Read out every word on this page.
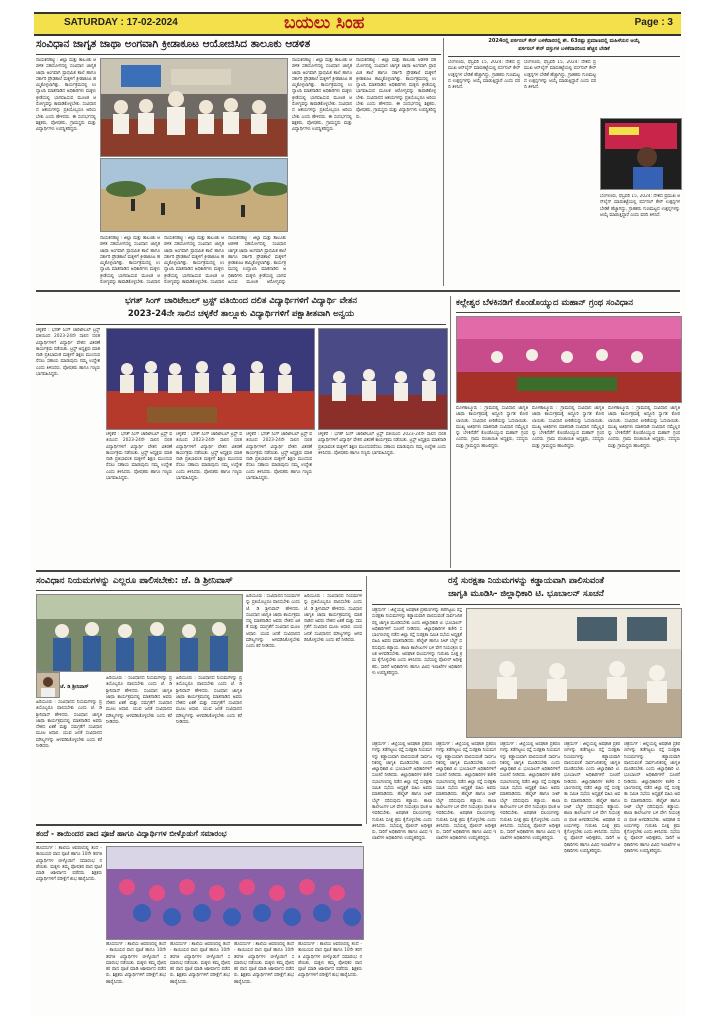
SATURDAY : 17-02-2024	ಬಯಲು ಸಿಂಹ	Page : 3
ಸಂವಿಧಾನ ಜಾಗೃತ ಜಾಥಾ ಅಂಗವಾಗಿ ಕ್ರೀಡಾಕೂಟ ಆಯೋಜಿಸಿದ ತಾಲೂಕು ಆಡಳಿತ
ನಾಯಕನಹಟ್ಟಿ : ಜಿಲ್ಲಾ ಮತ್ತು ತಾಲೂಕು ಆಡಳಿತ ಸಹಯೋಗದಲ್ಲಿ ಸಂವಿಧಾನ ಜಾಗೃತ ಜಾಥಾ ಅಂಗವಾಗಿ ಪ್ರಾಥಮಿಕ ಶಾಲೆ ಹಾಗೂ ಸರ್ಕಾರಿ ಪ್ರೌಢಶಾಲೆ ಮಕ್ಕಳಿಗೆ ಕ್ರೀಡಾಕೂಟ ಹಮ್ಮಿಕೊಳ್ಳಲಾಗಿತ್ತು. ಕಾರ್ಯಕ್ರಮದಲ್ಲಿ ಉದ್ಘಾಟಿಸಿ ಮಾತನಾಡಿದ ಅಧಿಕಾರಿಗಳು ಮಕ್ಕಳು ಕ್ರೀಡೆಯಲ್ಲಿ ಭಾಗವಹಿಸುವ ಮೂಲಕ ಆರೋಗ್ಯವನ್ನು ಕಾಪಾಡಿಕೊಳ್ಳಬೇಕು. ಸಂವಿಧಾನದ ಆಶಯಗಳನ್ನು ಪ್ರತಿಯೊಬ್ಬರೂ ಅರಿಯಬೇಕು ಎಂದು ಹೇಳಿದರು. ಈ ಸಂದರ್ಭದಲ್ಲಿ ಶಿಕ್ಷಕರು, ಪೋಷಕರು, ಗ್ರಾಮಸ್ಥರು ಮತ್ತು ವಿದ್ಯಾರ್ಥಿಗಳು ಉಪಸ್ಥಿತರಿದ್ದರು.
ನಾಯಕನಹಟ್ಟಿ : ಜಿಲ್ಲಾ ಮತ್ತು ತಾಲೂಕು ಆಡಳಿತ ಸಹಯೋಗದಲ್ಲಿ ಸಂವಿಧಾನ ಜಾಗೃತ ಜಾಥಾ ಅಂಗವಾಗಿ ಪ್ರಾಥಮಿಕ ಶಾಲೆ ಹಾಗೂ ಸರ್ಕಾರಿ ಪ್ರೌಢಶಾಲೆ ಮಕ್ಕಳಿಗೆ ಕ್ರೀಡಾಕೂಟ ಹಮ್ಮಿಕೊಳ್ಳಲಾಗಿತ್ತು. ಕಾರ್ಯಕ್ರಮದಲ್ಲಿ ಉದ್ಘಾಟಿಸಿ ಮಾತನಾಡಿದ ಅಧಿಕಾರಿಗಳು ಮಕ್ಕಳು ಕ್ರೀಡೆಯಲ್ಲಿ ಭಾಗವಹಿಸುವ ಮೂಲಕ ಆರೋಗ್ಯವನ್ನು ಕಾಪಾಡಿಕೊಳ್ಳಬೇಕು. ಸಂವಿಧಾನ
ನಾಯಕನಹಟ್ಟಿ : ಜಿಲ್ಲಾ ಮತ್ತು ತಾಲೂಕು ಆಡಳಿತ ಸಹಯೋಗದಲ್ಲಿ ಸಂವಿಧಾನ ಜಾಗೃತ ಜಾಥಾ ಅಂಗವಾಗಿ ಪ್ರಾಥಮಿಕ ಶಾಲೆ ಹಾಗೂ ಸರ್ಕಾರಿ ಪ್ರೌಢಶಾಲೆ ಮಕ್ಕಳಿಗೆ ಕ್ರೀಡಾಕೂಟ ಹಮ್ಮಿಕೊಳ್ಳಲಾಗಿತ್ತು. ಕಾರ್ಯಕ್ರಮದಲ್ಲಿ ಉದ್ಘಾಟಿಸಿ ಮಾತನಾಡಿದ ಅಧಿಕಾರಿಗಳು ಮಕ್ಕಳು ಕ್ರೀಡೆಯಲ್ಲಿ ಭಾಗವಹಿಸುವ ಮೂಲಕ ಆರೋಗ್ಯವನ್ನು ಕಾಪಾಡಿಕೊಳ್ಳಬೇಕು. ಸಂವಿಧಾನ
ನಾಯಕನಹಟ್ಟಿ : ಜಿಲ್ಲಾ ಮತ್ತು ತಾಲೂಕು ಆಡಳಿತ ಸಹಯೋಗದಲ್ಲಿ ಸಂವಿಧಾನ ಜಾಗೃತ ಜಾಥಾ ಅಂಗವಾಗಿ ಪ್ರಾಥಮಿಕ ಶಾಲೆ ಹಾಗೂ ಸರ್ಕಾರಿ ಪ್ರೌಢಶಾಲೆ ಮಕ್ಕಳಿಗೆ ಕ್ರೀಡಾಕೂಟ ಹಮ್ಮಿಕೊಳ್ಳಲಾಗಿತ್ತು. ಕಾರ್ಯಕ್ರಮದಲ್ಲಿ ಉದ್ಘಾಟಿಸಿ ಮಾತನಾಡಿದ ಅಧಿಕಾರಿಗಳು ಮಕ್ಕಳು ಕ್ರೀಡೆಯಲ್ಲಿ ಭಾಗವಹಿಸುವ ಮೂಲಕ ಆರೋಗ್ಯವನ್ನು
ನಾಯಕನಹಟ್ಟಿ : ಜಿಲ್ಲಾ ಮತ್ತು ತಾಲೂಕು ಆಡಳಿತ ಸಹಯೋಗದಲ್ಲಿ ಸಂವಿಧಾನ ಜಾಗೃತ ಜಾಥಾ ಅಂಗವಾಗಿ ಪ್ರಾಥಮಿಕ ಶಾಲೆ ಹಾಗೂ ಸರ್ಕಾರಿ ಪ್ರೌಢಶಾಲೆ ಮಕ್ಕಳಿಗೆ ಕ್ರೀಡಾಕೂಟ ಹಮ್ಮಿಕೊಳ್ಳಲಾಗಿತ್ತು. ಕಾರ್ಯಕ್ರಮದಲ್ಲಿ ಉದ್ಘಾಟಿಸಿ ಮಾತನಾಡಿದ ಅಧಿಕಾರಿಗಳು ಮಕ್ಕಳು ಕ್ರೀಡೆಯಲ್ಲಿ ಭಾಗವಹಿಸುವ ಮೂಲಕ ಆರೋಗ್ಯವನ್ನು ಕಾಪಾಡಿಕೊಳ್ಳಬೇಕು. ಸಂವಿಧಾನದ ಆಶಯಗಳನ್ನು ಪ್ರತಿಯೊಬ್ಬರೂ ಅರಿಯಬೇಕು ಎಂದು ಹೇಳಿದರು. ಈ ಸಂದರ್ಭದಲ್ಲಿ ಶಿಕ್ಷಕರು, ಪೋಷಕರು, ಗ್ರಾಮಸ್ಥರು ಮತ್ತು ವಿದ್ಯಾರ್ಥಿಗಳು ಉಪಸ್ಥಿತರಿದ್ದರು.
ನಾಯಕನಹಟ್ಟಿ : ಜಿಲ್ಲಾ ಮತ್ತು ತಾಲೂಕು ಆಡಳಿತ ಸಹಯೋಗದಲ್ಲಿ ಸಂವಿಧಾನ ಜಾಗೃತ ಜಾಥಾ ಅಂಗವಾಗಿ ಪ್ರಾಥಮಿಕ ಶಾಲೆ ಹಾಗೂ ಸರ್ಕಾರಿ ಪ್ರೌಢಶಾಲೆ ಮಕ್ಕಳಿಗೆ ಕ್ರೀಡಾಕೂಟ ಹಮ್ಮಿಕೊಳ್ಳಲಾಗಿತ್ತು. ಕಾರ್ಯಕ್ರಮದಲ್ಲಿ ಉದ್ಘಾಟಿಸಿ ಮಾತನಾಡಿದ ಅಧಿಕಾರಿಗಳು ಮಕ್ಕಳು ಕ್ರೀಡೆಯಲ್ಲಿ ಭಾಗವಹಿಸುವ ಮೂಲಕ ಆರೋಗ್ಯವನ್ನು ಕಾಪಾಡಿಕೊಳ್ಳಬೇಕು. ಸಂವಿಧಾನದ ಆಶಯಗಳನ್ನು ಪ್ರತಿಯೊಬ್ಬರೂ ಅರಿಯಬೇಕು ಎಂದು ಹೇಳಿದರು. ಈ ಸಂದರ್ಭದಲ್ಲಿ ಶಿಕ್ಷಕರು, ಪೋಷಕರು, ಗ್ರಾಮಸ್ಥರು ಮತ್ತು ವಿದ್ಯಾರ್ಥಿಗಳು ಉಪಸ್ಥಿತರಿದ್ದರು.
2024ರಲ್ಲಿ ಪರ್ಸನಲ್ ಕೇರ್ ಬಳಕೆದಾರರಲ್ಲಿ ಶೇ. 63ರಷ್ಟು ಪ್ರಮಾಣದಲ್ಲಿ ಮಹಿಳೆಯರ ಆಯ್ಕೆ
ಪರ್ಸನಲ್ ಕೇರ್ ವಸ್ತುಗಳ ಬಳಕೆದಾರರಿಂದ ಹೆಚ್ಚಿನ ಬೇಡಿಕೆ
ಬೆಂಗಳೂರು, ಫೆಬ್ರವರಿ 15, 2024: ದೇಶದ ಪ್ರಮುಖ ಆನ್‌ಲೈನ್ ಮಾರುಕಟ್ಟೆಯಲ್ಲಿ ಪರ್ಸನಲ್ ಕೇರ್ ಉತ್ಪನ್ನಗಳ ಬೇಡಿಕೆ ಹೆಚ್ಚಾಗಿದ್ದು, ಗ್ರಾಹಕರು ಗುಣಮಟ್ಟದ ಉತ್ಪನ್ನಗಳನ್ನು ಆಯ್ಕೆ ಮಾಡುತ್ತಿದ್ದಾರೆ ಎಂದು ವರದಿ ತಿಳಿಸಿದೆ.
ಬೆಂಗಳೂರು, ಫೆಬ್ರವರಿ 15, 2024: ದೇಶದ ಪ್ರಮುಖ ಆನ್‌ಲೈನ್ ಮಾರುಕಟ್ಟೆಯಲ್ಲಿ ಪರ್ಸನಲ್ ಕೇರ್ ಉತ್ಪನ್ನಗಳ ಬೇಡಿಕೆ ಹೆಚ್ಚಾಗಿದ್ದು, ಗ್ರಾಹಕರು ಗುಣಮಟ್ಟದ ಉತ್ಪನ್ನಗಳನ್ನು ಆಯ್ಕೆ ಮಾಡುತ್ತಿದ್ದಾರೆ ಎಂದು ವರದಿ ತಿಳಿಸಿದೆ.
ಬೆಂಗಳೂರು, ಫೆಬ್ರವರಿ 15, 2024: ದೇಶದ ಪ್ರಮುಖ ಆನ್‌ಲೈನ್ ಮಾರುಕಟ್ಟೆಯಲ್ಲಿ ಪರ್ಸನಲ್ ಕೇರ್ ಉತ್ಪನ್ನಗಳ ಬೇಡಿಕೆ ಹೆಚ್ಚಾಗಿದ್ದು, ಗ್ರಾಹಕರು ಗುಣಮಟ್ಟದ ಉತ್ಪನ್ನಗಳನ್ನು ಆಯ್ಕೆ ಮಾಡುತ್ತಿದ್ದಾರೆ ಎಂದು ವರದಿ ತಿಳಿಸಿದೆ.
ಭಗತ್ ಸಿಂಗ್ ಚಾರಿಟೇಬಲ್ ಟ್ರಸ್ಟ್ ವತಿಯಿಂದ ದಲಿತ ವಿದ್ಯಾರ್ಥಿಗಳಿಗೆ ವಿದ್ಯಾರ್ಥಿ ವೇತನ
2023-24ನೇ ಸಾಲಿನ ಚಳ್ಳಕೆರೆ ತಾಲ್ಲೂಕು ವಿದ್ಯಾರ್ಥಿಗಳಿಗೆ ಪಕ್ಷಾತೀತವಾಗಿ ಅನ್ವಯ
ಚಳ್ಳಕೆರೆ : ಭಗತ್ ಸಿಂಗ್ ಚಾರಿಟೇಬಲ್ ಟ್ರಸ್ಟ್ ವತಿಯಿಂದ 2023-24ನೇ ಸಾಲಿನ ದಲಿತ ವಿದ್ಯಾರ್ಥಿಗಳಿಗೆ ವಿದ್ಯಾರ್ಥಿ ವೇತನ ವಿತರಣೆ ಕಾರ್ಯಕ್ರಮ ನಡೆಯಿತು. ಟ್ರಸ್ಟ್ ಅಧ್ಯಕ್ಷರು ಮಾತನಾಡಿ ಪ್ರತಿಭಾವಂತ ಮಕ್ಕಳಿಗೆ ಶಿಕ್ಷಣ ಮುಂದುವರೆಸಲು ಸಹಾಯ ಮಾಡುವುದು ನಮ್ಮ ಉದ್ದೇಶ ಎಂದು ತಿಳಿಸಿದರು. ಪೋಷಕರು ಹಾಗೂ ಗಣ್ಯರು ಭಾಗವಹಿಸಿದ್ದರು.
ಚಳ್ಳಕೆರೆ : ಭಗತ್ ಸಿಂಗ್ ಚಾರಿಟೇಬಲ್ ಟ್ರಸ್ಟ್ ವತಿಯಿಂದ 2023-24ನೇ ಸಾಲಿನ ದಲಿತ ವಿದ್ಯಾರ್ಥಿಗಳಿಗೆ ವಿದ್ಯಾರ್ಥಿ ವೇತನ ವಿತರಣೆ ಕಾರ್ಯಕ್ರಮ ನಡೆಯಿತು. ಟ್ರಸ್ಟ್ ಅಧ್ಯಕ್ಷರು ಮಾತನಾಡಿ ಪ್ರತಿಭಾವಂತ ಮಕ್ಕಳಿಗೆ ಶಿಕ್ಷಣ ಮುಂದುವರೆಸಲು ಸಹಾಯ ಮಾಡುವುದು ನಮ್ಮ ಉದ್ದೇಶ ಎಂದು ತಿಳಿಸಿದರು. ಪೋಷಕರು ಹಾಗೂ ಗಣ್ಯರು ಭಾಗವಹಿಸಿದ್ದರು.
ಚಳ್ಳಕೆರೆ : ಭಗತ್ ಸಿಂಗ್ ಚಾರಿಟೇಬಲ್ ಟ್ರಸ್ಟ್ ವತಿಯಿಂದ 2023-24ನೇ ಸಾಲಿನ ದಲಿತ ವಿದ್ಯಾರ್ಥಿಗಳಿಗೆ ವಿದ್ಯಾರ್ಥಿ ವೇತನ ವಿತರಣೆ ಕಾರ್ಯಕ್ರಮ ನಡೆಯಿತು. ಟ್ರಸ್ಟ್ ಅಧ್ಯಕ್ಷರು ಮಾತನಾಡಿ ಪ್ರತಿಭಾವಂತ ಮಕ್ಕಳಿಗೆ ಶಿಕ್ಷಣ ಮುಂದುವರೆಸಲು ಸಹಾಯ ಮಾಡುವುದು ನಮ್ಮ ಉದ್ದೇಶ ಎಂದು ತಿಳಿಸಿದರು. ಪೋಷಕರು ಹಾಗೂ ಗಣ್ಯರು ಭಾಗವಹಿಸಿದ್ದರು.
ಚಳ್ಳಕೆರೆ : ಭಗತ್ ಸಿಂಗ್ ಚಾರಿಟೇಬಲ್ ಟ್ರಸ್ಟ್ ವತಿಯಿಂದ 2023-24ನೇ ಸಾಲಿನ ದಲಿತ ವಿದ್ಯಾರ್ಥಿಗಳಿಗೆ ವಿದ್ಯಾರ್ಥಿ ವೇತನ ವಿತರಣೆ ಕಾರ್ಯಕ್ರಮ ನಡೆಯಿತು. ಟ್ರಸ್ಟ್ ಅಧ್ಯಕ್ಷರು ಮಾತನಾಡಿ ಪ್ರತಿಭಾವಂತ ಮಕ್ಕಳಿಗೆ ಶಿಕ್ಷಣ ಮುಂದುವರೆಸಲು ಸಹಾಯ ಮಾಡುವುದು ನಮ್ಮ ಉದ್ದೇಶ ಎಂದು ತಿಳಿಸಿದರು. ಪೋಷಕರು ಹಾಗೂ ಗಣ್ಯರು ಭಾಗವಹಿಸಿದ್ದರು.
ಚಳ್ಳಕೆರೆ : ಭಗತ್ ಸಿಂಗ್ ಚಾರಿಟೇಬಲ್ ಟ್ರಸ್ಟ್ ವತಿಯಿಂದ 2023-24ನೇ ಸಾಲಿನ ದಲಿತ ವಿದ್ಯಾರ್ಥಿಗಳಿಗೆ ವಿದ್ಯಾರ್ಥಿ ವೇತನ ವಿತರಣೆ ಕಾರ್ಯಕ್ರಮ ನಡೆಯಿತು. ಟ್ರಸ್ಟ್ ಅಧ್ಯಕ್ಷರು ಮಾತನಾಡಿ ಪ್ರತಿಭಾವಂತ ಮಕ್ಕಳಿಗೆ ಶಿಕ್ಷಣ ಮುಂದುವರೆಸಲು ಸಹಾಯ ಮಾಡುವುದು ನಮ್ಮ ಉದ್ದೇಶ ಎಂದು ತಿಳಿಸಿದರು. ಪೋಷಕರು ಹಾಗೂ ಗಣ್ಯರು ಭಾಗವಹಿಸಿದ್ದರು.
ಕಲ್ಲೇಶ್ವರ ಬೆಳಕಿನಡಿಗೆ ಕೊಂಡೊಯ್ಯುದ ಮಹಾನ್ ಗ್ರಂಥ ಸಂವಿಧಾನ
ಮೊಳಕಾಲ್ಮೂರು : ಗ್ರಾಮದಲ್ಲಿ ಸಂವಿಧಾನ ಜಾಗೃತಿ ಜಾಥಾ ಕಾರ್ಯಕ್ರಮಕ್ಕೆ ಅದ್ದೂರಿ ಸ್ವಾಗತ ಕೋರಲಾಯಿತು. ಸಂವಿಧಾನ ಪೀಠಿಕೆಯನ್ನು ಓದಲಾಯಿತು. ಮುಖ್ಯ ಅತಿಥಿಗಳು ಮಾತನಾಡಿ ಸಂವಿಧಾನ ನಮ್ಮೆಲ್ಲರನ್ನು ಬೆಳಕಿನೆಡೆಗೆ ಕೊಂಡೊಯ್ಯುವ ಮಹಾನ್ ಗ್ರಂಥ ಎಂದರು. ಗ್ರಾಮ ಪಂಚಾಯಿತಿ ಅಧ್ಯಕ್ಷರು, ಸದಸ್ಯರು ಮತ್ತು ಗ್ರಾಮಸ್ಥರು ಹಾಜರಿದ್ದರು.
ಮೊಳಕಾಲ್ಮೂರು : ಗ್ರಾಮದಲ್ಲಿ ಸಂವಿಧಾನ ಜಾಗೃತಿ ಜಾಥಾ ಕಾರ್ಯಕ್ರಮಕ್ಕೆ ಅದ್ದೂರಿ ಸ್ವಾಗತ ಕೋರಲಾಯಿತು. ಸಂವಿಧಾನ ಪೀಠಿಕೆಯನ್ನು ಓದಲಾಯಿತು. ಮುಖ್ಯ ಅತಿಥಿಗಳು ಮಾತನಾಡಿ ಸಂವಿಧಾನ ನಮ್ಮೆಲ್ಲರನ್ನು ಬೆಳಕಿನೆಡೆಗೆ ಕೊಂಡೊಯ್ಯುವ ಮಹಾನ್ ಗ್ರಂಥ ಎಂದರು. ಗ್ರಾಮ ಪಂಚಾಯಿತಿ ಅಧ್ಯಕ್ಷರು, ಸದಸ್ಯರು ಮತ್ತು ಗ್ರಾಮಸ್ಥರು ಹಾಜರಿದ್ದರು.
ಮೊಳಕಾಲ್ಮೂರು : ಗ್ರಾಮದಲ್ಲಿ ಸಂವಿಧಾನ ಜಾಗೃತಿ ಜಾಥಾ ಕಾರ್ಯಕ್ರಮಕ್ಕೆ ಅದ್ದೂರಿ ಸ್ವಾಗತ ಕೋರಲಾಯಿತು. ಸಂವಿಧಾನ ಪೀಠಿಕೆಯನ್ನು ಓದಲಾಯಿತು. ಮುಖ್ಯ ಅತಿಥಿಗಳು ಮಾತನಾಡಿ ಸಂವಿಧಾನ ನಮ್ಮೆಲ್ಲರನ್ನು ಬೆಳಕಿನೆಡೆಗೆ ಕೊಂಡೊಯ್ಯುವ ಮಹಾನ್ ಗ್ರಂಥ ಎಂದರು. ಗ್ರಾಮ ಪಂಚಾಯಿತಿ ಅಧ್ಯಕ್ಷರು, ಸದಸ್ಯರು ಮತ್ತು ಗ್ರಾಮಸ್ಥರು ಹಾಜರಿದ್ದರು.
ಸಂವಿಧಾನ ನಿಯಮಗಳನ್ನು ಎಲ್ಲರೂ ಪಾಲಿಸಬೇಕು: ಜೆ. ಡಿ ಶ್ರೀನಿವಾಸ್
ಜೆ. ಡಿ ಶ್ರೀನಿವಾಸ್
ಹಿರಿಯೂರು : ಸಂವಿಧಾನದ ನಿಯಮಗಳನ್ನು ಪ್ರತಿಯೊಬ್ಬರೂ ಪಾಲಿಸಬೇಕು ಎಂದು ಜೆ. ಡಿ ಶ್ರೀನಿವಾಸ್ ಹೇಳಿದರು. ಸಂವಿಧಾನ ಜಾಗೃತಿ ಜಾಥಾ ಕಾರ್ಯಕ್ರಮದಲ್ಲಿ ಮಾತನಾಡಿದ ಅವರು ದೇಶದ ಏಕತೆ ಮತ್ತು ಸಮಗ್ರತೆಗೆ ಸಂವಿಧಾನ ಮೂಲ ಆಧಾರ. ಯುವ ಜನತೆ ಸಂವಿಧಾನದ ಮೌಲ್ಯಗಳನ್ನು ಅಳವಡಿಸಿಕೊಳ್ಳಬೇಕು ಎಂದು ಕರೆ ನೀಡಿದರು.
ಹಿರಿಯೂರು : ಸಂವಿಧಾನದ ನಿಯಮಗಳನ್ನು ಪ್ರತಿಯೊಬ್ಬರೂ ಪಾಲಿಸಬೇಕು ಎಂದು ಜೆ. ಡಿ ಶ್ರೀನಿವಾಸ್ ಹೇಳಿದರು. ಸಂವಿಧಾನ ಜಾಗೃತಿ ಜಾಥಾ ಕಾರ್ಯಕ್ರಮದಲ್ಲಿ ಮಾತನಾಡಿದ ಅವರು ದೇಶದ ಏಕತೆ ಮತ್ತು ಸಮಗ್ರತೆಗೆ ಸಂವಿಧಾನ ಮೂಲ ಆಧಾರ. ಯುವ ಜನತೆ ಸಂವಿಧಾನದ ಮೌಲ್ಯಗಳನ್ನು ಅಳವಡಿಸಿಕೊಳ್ಳಬೇಕು ಎಂದು ಕರೆ ನೀಡಿದರು.
ಹಿರಿಯೂರು : ಸಂವಿಧಾನದ ನಿಯಮಗಳನ್ನು ಪ್ರತಿಯೊಬ್ಬರೂ ಪಾಲಿಸಬೇಕು ಎಂದು ಜೆ. ಡಿ ಶ್ರೀನಿವಾಸ್ ಹೇಳಿದರು. ಸಂವಿಧಾನ ಜಾಗೃತಿ ಜಾಥಾ ಕಾರ್ಯಕ್ರಮದಲ್ಲಿ ಮಾತನಾಡಿದ ಅವರು ದೇಶದ ಏಕತೆ ಮತ್ತು ಸಮಗ್ರತೆಗೆ ಸಂವಿಧಾನ ಮೂಲ ಆಧಾರ. ಯುವ ಜನತೆ ಸಂವಿಧಾನದ ಮೌಲ್ಯಗಳನ್ನು ಅಳವಡಿಸಿಕೊಳ್ಳಬೇಕು ಎಂದು ಕರೆ ನೀಡಿದರು.
ಹಿರಿಯೂರು : ಸಂವಿಧಾನದ ನಿಯಮಗಳನ್ನು ಪ್ರತಿಯೊಬ್ಬರೂ ಪಾಲಿಸಬೇಕು ಎಂದು ಜೆ. ಡಿ ಶ್ರೀನಿವಾಸ್ ಹೇಳಿದರು. ಸಂವಿಧಾನ ಜಾಗೃತಿ ಜಾಥಾ ಕಾರ್ಯಕ್ರಮದಲ್ಲಿ ಮಾತನಾಡಿದ ಅವರು ದೇಶದ ಏಕತೆ ಮತ್ತು ಸಮಗ್ರತೆಗೆ ಸಂವಿಧಾನ ಮೂಲ ಆಧಾರ. ಯುವ ಜನತೆ ಸಂವಿಧಾನದ ಮೌಲ್ಯಗಳನ್ನು ಅಳವಡಿಸಿಕೊಳ್ಳಬೇಕು ಎಂದು ಕರೆ ನೀಡಿದರು.
ಹಿರಿಯೂರು : ಸಂವಿಧಾನದ ನಿಯಮಗಳನ್ನು ಪ್ರತಿಯೊಬ್ಬರೂ ಪಾಲಿಸಬೇಕು ಎಂದು ಜೆ. ಡಿ ಶ್ರೀನಿವಾಸ್ ಹೇಳಿದರು. ಸಂವಿಧಾನ ಜಾಗೃತಿ ಜಾಥಾ ಕಾರ್ಯಕ್ರಮದಲ್ಲಿ ಮಾತನಾಡಿದ ಅವರು ದೇಶದ ಏಕತೆ ಮತ್ತು ಸಮಗ್ರತೆಗೆ ಸಂವಿಧಾನ ಮೂಲ ಆಧಾರ. ಯುವ ಜನತೆ ಸಂವಿಧಾನದ ಮೌಲ್ಯಗಳನ್ನು ಅಳವಡಿಸಿಕೊಳ್ಳಬೇಕು ಎಂದು ಕರೆ ನೀಡಿದರು.
ರಸ್ತೆ ಸುರಕ್ಷತಾ ನಿಯಮಗಳನ್ನು ಕಡ್ಡಾಯವಾಗಿ ಪಾಲಿಸುವಂತೆ
ಜಾಗೃತಿ ಮೂಡಿಸಿ- ಜಿಲ್ಲಾಧಿಕಾರಿ ಟಿ. ಭೂಬಾಲನ್ ಸೂಚನೆ
ಚಿತ್ರದುರ್ಗ : ಜಿಲ್ಲೆಯಲ್ಲಿ ಅಪಘಾತ ಪ್ರಕರಣಗಳನ್ನು ತಡೆಗಟ್ಟಲು ರಸ್ತೆ ಸುರಕ್ಷತಾ ನಿಯಮಗಳನ್ನು ಕಡ್ಡಾಯವಾಗಿ ಪಾಲಿಸುವಂತೆ ಸಾರ್ವಜನಿಕರಲ್ಲಿ ಜಾಗೃತಿ ಮೂಡಿಸಬೇಕು ಎಂದು ಜಿಲ್ಲಾಧಿಕಾರಿ ಟಿ. ಭೂಬಾಲನ್ ಅಧಿಕಾರಿಗಳಿಗೆ ಸೂಚನೆ ನೀಡಿದರು. ಜಿಲ್ಲಾಧಿಕಾರಿಗಳ ಕಚೇರಿ ಸಭಾಂಗಣದಲ್ಲಿ ನಡೆದ ಜಿಲ್ಲಾ ರಸ್ತೆ ಸುರಕ್ಷತಾ ಸಮಿತಿ ಸಭೆಯ ಅಧ್ಯಕ್ಷತೆ ವಹಿಸಿ ಅವರು ಮಾತನಾಡಿದರು. ಹೆಲ್ಮೆಟ್ ಹಾಗೂ ಸೀಟ್ ಬೆಲ್ಟ್ ಧರಿಸುವುದು ಕಡ್ಡಾಯ. ಶಾಲಾ ಕಾಲೇಜುಗಳ ಬಳಿ ವೇಗ ನಿಯಂತ್ರಣ ಫಲಕ ಅಳವಡಿಸಬೇಕು. ಅಪಘಾತ ವಲಯಗಳನ್ನು ಗುರುತಿಸಿ ಸೂಕ್ತ ಕ್ರಮ ಕೈಗೊಳ್ಳಬೇಕು ಎಂದು ತಿಳಿಸಿದರು. ಸಭೆಯಲ್ಲಿ ಪೊಲೀಸ್ ಅಧೀಕ್ಷಕರು, ಸಾರಿಗೆ ಅಧಿಕಾರಿಗಳು ಹಾಗೂ ವಿವಿಧ ಇಲಾಖೆಗಳ ಅಧಿಕಾರಿಗಳು ಉಪಸ್ಥಿತರಿದ್ದರು.
ಚಿತ್ರದುರ್ಗ : ಜಿಲ್ಲೆಯಲ್ಲಿ ಅಪಘಾತ ಪ್ರಕರಣಗಳನ್ನು ತಡೆಗಟ್ಟಲು ರಸ್ತೆ ಸುರಕ್ಷತಾ ನಿಯಮಗಳನ್ನು ಕಡ್ಡಾಯವಾಗಿ ಪಾಲಿಸುವಂತೆ ಸಾರ್ವಜನಿಕರಲ್ಲಿ ಜಾಗೃತಿ ಮೂಡಿಸಬೇಕು ಎಂದು ಜಿಲ್ಲಾಧಿಕಾರಿ ಟಿ. ಭೂಬಾಲನ್ ಅಧಿಕಾರಿಗಳಿಗೆ ಸೂಚನೆ ನೀಡಿದರು. ಜಿಲ್ಲಾಧಿಕಾರಿಗಳ ಕಚೇರಿ ಸಭಾಂಗಣದಲ್ಲಿ ನಡೆದ ಜಿಲ್ಲಾ ರಸ್ತೆ ಸುರಕ್ಷತಾ ಸಮಿತಿ ಸಭೆಯ ಅಧ್ಯಕ್ಷತೆ ವಹಿಸಿ ಅವರು ಮಾತನಾಡಿದರು. ಹೆಲ್ಮೆಟ್ ಹಾಗೂ ಸೀಟ್ ಬೆಲ್ಟ್ ಧರಿಸುವುದು ಕಡ್ಡಾಯ. ಶಾಲಾ ಕಾಲೇಜುಗಳ ಬಳಿ ವೇಗ ನಿಯಂತ್ರಣ ಫಲಕ ಅಳವಡಿಸಬೇಕು. ಅಪಘಾತ ವಲಯಗಳನ್ನು ಗುರುತಿಸಿ ಸೂಕ್ತ ಕ್ರಮ ಕೈಗೊಳ್ಳಬೇಕು ಎಂದು ತಿಳಿಸಿದರು. ಸಭೆಯಲ್ಲಿ ಪೊಲೀಸ್ ಅಧೀಕ್ಷಕರು, ಸಾರಿಗೆ ಅಧಿಕಾರಿಗಳು ಹಾಗೂ ವಿವಿಧ ಇಲಾಖೆಗಳ ಅಧಿಕಾರಿಗಳು ಉಪಸ್ಥಿತರಿದ್ದರು.
ಚಿತ್ರದುರ್ಗ : ಜಿಲ್ಲೆಯಲ್ಲಿ ಅಪಘಾತ ಪ್ರಕರಣಗಳನ್ನು ತಡೆಗಟ್ಟಲು ರಸ್ತೆ ಸುರಕ್ಷತಾ ನಿಯಮಗಳನ್ನು ಕಡ್ಡಾಯವಾಗಿ ಪಾಲಿಸುವಂತೆ ಸಾರ್ವಜನಿಕರಲ್ಲಿ ಜಾಗೃತಿ ಮೂಡಿಸಬೇಕು ಎಂದು ಜಿಲ್ಲಾಧಿಕಾರಿ ಟಿ. ಭೂಬಾಲನ್ ಅಧಿಕಾರಿಗಳಿಗೆ ಸೂಚನೆ ನೀಡಿದರು. ಜಿಲ್ಲಾಧಿಕಾರಿಗಳ ಕಚೇರಿ ಸಭಾಂಗಣದಲ್ಲಿ ನಡೆದ ಜಿಲ್ಲಾ ರಸ್ತೆ ಸುರಕ್ಷತಾ ಸಮಿತಿ ಸಭೆಯ ಅಧ್ಯಕ್ಷತೆ ವಹಿಸಿ ಅವರು ಮಾತನಾಡಿದರು. ಹೆಲ್ಮೆಟ್ ಹಾಗೂ ಸೀಟ್ ಬೆಲ್ಟ್ ಧರಿಸುವುದು ಕಡ್ಡಾಯ. ಶಾಲಾ ಕಾಲೇಜುಗಳ ಬಳಿ ವೇಗ ನಿಯಂತ್ರಣ ಫಲಕ ಅಳವಡಿಸಬೇಕು. ಅಪಘಾತ ವಲಯಗಳನ್ನು ಗುರುತಿಸಿ ಸೂಕ್ತ ಕ್ರಮ ಕೈಗೊಳ್ಳಬೇಕು ಎಂದು ತಿಳಿಸಿದರು. ಸಭೆಯಲ್ಲಿ ಪೊಲೀಸ್ ಅಧೀಕ್ಷಕರು, ಸಾರಿಗೆ ಅಧಿಕಾರಿಗಳು ಹಾಗೂ ವಿವಿಧ ಇಲಾಖೆಗಳ ಅಧಿಕಾರಿಗಳು ಉಪಸ್ಥಿತರಿದ್ದರು.
ಚಿತ್ರದುರ್ಗ : ಜಿಲ್ಲೆಯಲ್ಲಿ ಅಪಘಾತ ಪ್ರಕರಣಗಳನ್ನು ತಡೆಗಟ್ಟಲು ರಸ್ತೆ ಸುರಕ್ಷತಾ ನಿಯಮಗಳನ್ನು ಕಡ್ಡಾಯವಾಗಿ ಪಾಲಿಸುವಂತೆ ಸಾರ್ವಜನಿಕರಲ್ಲಿ ಜಾಗೃತಿ ಮೂಡಿಸಬೇಕು ಎಂದು ಜಿಲ್ಲಾಧಿಕಾರಿ ಟಿ. ಭೂಬಾಲನ್ ಅಧಿಕಾರಿಗಳಿಗೆ ಸೂಚನೆ ನೀಡಿದರು. ಜಿಲ್ಲಾಧಿಕಾರಿಗಳ ಕಚೇರಿ ಸಭಾಂಗಣದಲ್ಲಿ ನಡೆದ ಜಿಲ್ಲಾ ರಸ್ತೆ ಸುರಕ್ಷತಾ ಸಮಿತಿ ಸಭೆಯ ಅಧ್ಯಕ್ಷತೆ ವಹಿಸಿ ಅವರು ಮಾತನಾಡಿದರು. ಹೆಲ್ಮೆಟ್ ಹಾಗೂ ಸೀಟ್ ಬೆಲ್ಟ್ ಧರಿಸುವುದು ಕಡ್ಡಾಯ. ಶಾಲಾ ಕಾಲೇಜುಗಳ ಬಳಿ ವೇಗ ನಿಯಂತ್ರಣ ಫಲಕ ಅಳವಡಿಸಬೇಕು. ಅಪಘಾತ ವಲಯಗಳನ್ನು ಗುರುತಿಸಿ ಸೂಕ್ತ ಕ್ರಮ ಕೈಗೊಳ್ಳಬೇಕು ಎಂದು ತಿಳಿಸಿದರು. ಸಭೆಯಲ್ಲಿ ಪೊಲೀಸ್ ಅಧೀಕ್ಷಕರು, ಸಾರಿಗೆ ಅಧಿಕಾರಿಗಳು ಹಾಗೂ ವಿವಿಧ ಇಲಾಖೆಗಳ ಅಧಿಕಾರಿಗಳು ಉಪಸ್ಥಿತರಿದ್ದರು.
ಚಿತ್ರದುರ್ಗ : ಜಿಲ್ಲೆಯಲ್ಲಿ ಅಪಘಾತ ಪ್ರಕರಣಗಳನ್ನು ತಡೆಗಟ್ಟಲು ರಸ್ತೆ ಸುರಕ್ಷತಾ ನಿಯಮಗಳನ್ನು ಕಡ್ಡಾಯವಾಗಿ ಪಾಲಿಸುವಂತೆ ಸಾರ್ವಜನಿಕರಲ್ಲಿ ಜಾಗೃತಿ ಮೂಡಿಸಬೇಕು ಎಂದು ಜಿಲ್ಲಾಧಿಕಾರಿ ಟಿ. ಭೂಬಾಲನ್ ಅಧಿಕಾರಿಗಳಿಗೆ ಸೂಚನೆ ನೀಡಿದರು. ಜಿಲ್ಲಾಧಿಕಾರಿಗಳ ಕಚೇರಿ ಸಭಾಂಗಣದಲ್ಲಿ ನಡೆದ ಜಿಲ್ಲಾ ರಸ್ತೆ ಸುರಕ್ಷತಾ ಸಮಿತಿ ಸಭೆಯ ಅಧ್ಯಕ್ಷತೆ ವಹಿಸಿ ಅವರು ಮಾತನಾಡಿದರು. ಹೆಲ್ಮೆಟ್ ಹಾಗೂ ಸೀಟ್ ಬೆಲ್ಟ್ ಧರಿಸುವುದು ಕಡ್ಡಾಯ. ಶಾಲಾ ಕಾಲೇಜುಗಳ ಬಳಿ ವೇಗ ನಿಯಂತ್ರಣ ಫಲಕ ಅಳವಡಿಸಬೇಕು. ಅಪಘಾತ ವಲಯಗಳನ್ನು ಗುರುತಿಸಿ ಸೂಕ್ತ ಕ್ರಮ ಕೈಗೊಳ್ಳಬೇಕು ಎಂದು ತಿಳಿಸಿದರು. ಸಭೆಯಲ್ಲಿ ಪೊಲೀಸ್ ಅಧೀಕ್ಷಕರು, ಸಾರಿಗೆ ಅಧಿಕಾರಿಗಳು ಹಾಗೂ ವಿವಿಧ ಇಲಾಖೆಗಳ ಅಧಿಕಾರಿಗಳು ಉಪಸ್ಥಿತರಿದ್ದರು.
ಚಿತ್ರದುರ್ಗ : ಜಿಲ್ಲೆಯಲ್ಲಿ ಅಪಘಾತ ಪ್ರಕರಣಗಳನ್ನು ತಡೆಗಟ್ಟಲು ರಸ್ತೆ ಸುರಕ್ಷತಾ ನಿಯಮಗಳನ್ನು ಕಡ್ಡಾಯವಾಗಿ ಪಾಲಿಸುವಂತೆ ಸಾರ್ವಜನಿಕರಲ್ಲಿ ಜಾಗೃತಿ ಮೂಡಿಸಬೇಕು ಎಂದು ಜಿಲ್ಲಾಧಿಕಾರಿ ಟಿ. ಭೂಬಾಲನ್ ಅಧಿಕಾರಿಗಳಿಗೆ ಸೂಚನೆ ನೀಡಿದರು. ಜಿಲ್ಲಾಧಿಕಾರಿಗಳ ಕಚೇರಿ ಸಭಾಂಗಣದಲ್ಲಿ ನಡೆದ ಜಿಲ್ಲಾ ರಸ್ತೆ ಸುರಕ್ಷತಾ ಸಮಿತಿ ಸಭೆಯ ಅಧ್ಯಕ್ಷತೆ ವಹಿಸಿ ಅವರು ಮಾತನಾಡಿದರು. ಹೆಲ್ಮೆಟ್ ಹಾಗೂ ಸೀಟ್ ಬೆಲ್ಟ್ ಧರಿಸುವುದು ಕಡ್ಡಾಯ. ಶಾಲಾ ಕಾಲೇಜುಗಳ ಬಳಿ ವೇಗ ನಿಯಂತ್ರಣ ಫಲಕ ಅಳವಡಿಸಬೇಕು. ಅಪಘಾತ ವಲಯಗಳನ್ನು ಗುರುತಿಸಿ ಸೂಕ್ತ ಕ್ರಮ ಕೈಗೊಳ್ಳಬೇಕು ಎಂದು ತಿಳಿಸಿದರು. ಸಭೆಯಲ್ಲಿ ಪೊಲೀಸ್ ಅಧೀಕ್ಷಕರು, ಸಾರಿಗೆ ಅಧಿಕಾರಿಗಳು ಹಾಗೂ ವಿವಿಧ ಇಲಾಖೆಗಳ ಅಧಿಕಾರಿಗಳು ಉಪಸ್ಥಿತರಿದ್ದರು.
ತಂದೆ - ತಾಯಿಂದರ ಪಾದ ಪೂಜೆ ಹಾಗೂ ವಿದ್ಯಾರ್ಥಿಗಳ ಬೀಳ್ಕೊಡುಗೆ ಸಮಾರಂಭ
ಹೊಸದುರ್ಗ : ಶಾಲೆಯ ಆವರಣದಲ್ಲಿ ತಂದೆ - ತಾಯಿಯರ ಪಾದ ಪೂಜೆ ಹಾಗೂ 10ನೇ ತರಗತಿ ವಿದ್ಯಾರ್ಥಿಗಳ ಬೀಳ್ಕೊಡುಗೆ ಸಮಾರಂಭ ನಡೆಯಿತು. ಮಕ್ಕಳು ತಮ್ಮ ಪೋಷಕರ ಪಾದ ಪೂಜೆ ಮಾಡಿ ಆಶೀರ್ವಾದ ಪಡೆದರು. ಶಿಕ್ಷಕರು ವಿದ್ಯಾರ್ಥಿಗಳಿಗೆ ಪರೀಕ್ಷೆಗೆ ಶುಭ ಹಾರೈಸಿದರು.
ಹೊಸದುರ್ಗ : ಶಾಲೆಯ ಆವರಣದಲ್ಲಿ ತಂದೆ - ತಾಯಿಯರ ಪಾದ ಪೂಜೆ ಹಾಗೂ 10ನೇ ತರಗತಿ ವಿದ್ಯಾರ್ಥಿಗಳ ಬೀಳ್ಕೊಡುಗೆ ಸಮಾರಂಭ ನಡೆಯಿತು. ಮಕ್ಕಳು ತಮ್ಮ ಪೋಷಕರ ಪಾದ ಪೂಜೆ ಮಾಡಿ ಆಶೀರ್ವಾದ ಪಡೆದರು. ಶಿಕ್ಷಕರು ವಿದ್ಯಾರ್ಥಿಗಳಿಗೆ ಪರೀಕ್ಷೆಗೆ ಶುಭ ಹಾರೈಸಿದರು.
ಹೊಸದುರ್ಗ : ಶಾಲೆಯ ಆವರಣದಲ್ಲಿ ತಂದೆ - ತಾಯಿಯರ ಪಾದ ಪೂಜೆ ಹಾಗೂ 10ನೇ ತರಗತಿ ವಿದ್ಯಾರ್ಥಿಗಳ ಬೀಳ್ಕೊಡುಗೆ ಸಮಾರಂಭ ನಡೆಯಿತು. ಮಕ್ಕಳು ತಮ್ಮ ಪೋಷಕರ ಪಾದ ಪೂಜೆ ಮಾಡಿ ಆಶೀರ್ವಾದ ಪಡೆದರು. ಶಿಕ್ಷಕರು ವಿದ್ಯಾರ್ಥಿಗಳಿಗೆ ಪರೀಕ್ಷೆಗೆ ಶುಭ ಹಾರೈಸಿದರು.
ಹೊಸದುರ್ಗ : ಶಾಲೆಯ ಆವರಣದಲ್ಲಿ ತಂದೆ - ತಾಯಿಯರ ಪಾದ ಪೂಜೆ ಹಾಗೂ 10ನೇ ತರಗತಿ ವಿದ್ಯಾರ್ಥಿಗಳ ಬೀಳ್ಕೊಡುಗೆ ಸಮಾರಂಭ ನಡೆಯಿತು. ಮಕ್ಕಳು ತಮ್ಮ ಪೋಷಕರ ಪಾದ ಪೂಜೆ ಮಾಡಿ ಆಶೀರ್ವಾದ ಪಡೆದರು. ಶಿಕ್ಷಕರು ವಿದ್ಯಾರ್ಥಿಗಳಿಗೆ ಪರೀಕ್ಷೆಗೆ ಶುಭ ಹಾರೈಸಿದರು.
ಹೊಸದುರ್ಗ : ಶಾಲೆಯ ಆವರಣದಲ್ಲಿ ತಂದೆ - ತಾಯಿಯರ ಪಾದ ಪೂಜೆ ಹಾಗೂ 10ನೇ ತರಗತಿ ವಿದ್ಯಾರ್ಥಿಗಳ ಬೀಳ್ಕೊಡುಗೆ ಸಮಾರಂಭ ನಡೆಯಿತು. ಮಕ್ಕಳು ತಮ್ಮ ಪೋಷಕರ ಪಾದ ಪೂಜೆ ಮಾಡಿ ಆಶೀರ್ವಾದ ಪಡೆದರು. ಶಿಕ್ಷಕರು ವಿದ್ಯಾರ್ಥಿಗಳಿಗೆ ಪರೀಕ್ಷೆಗೆ ಶುಭ ಹಾರೈಸಿದರು.
